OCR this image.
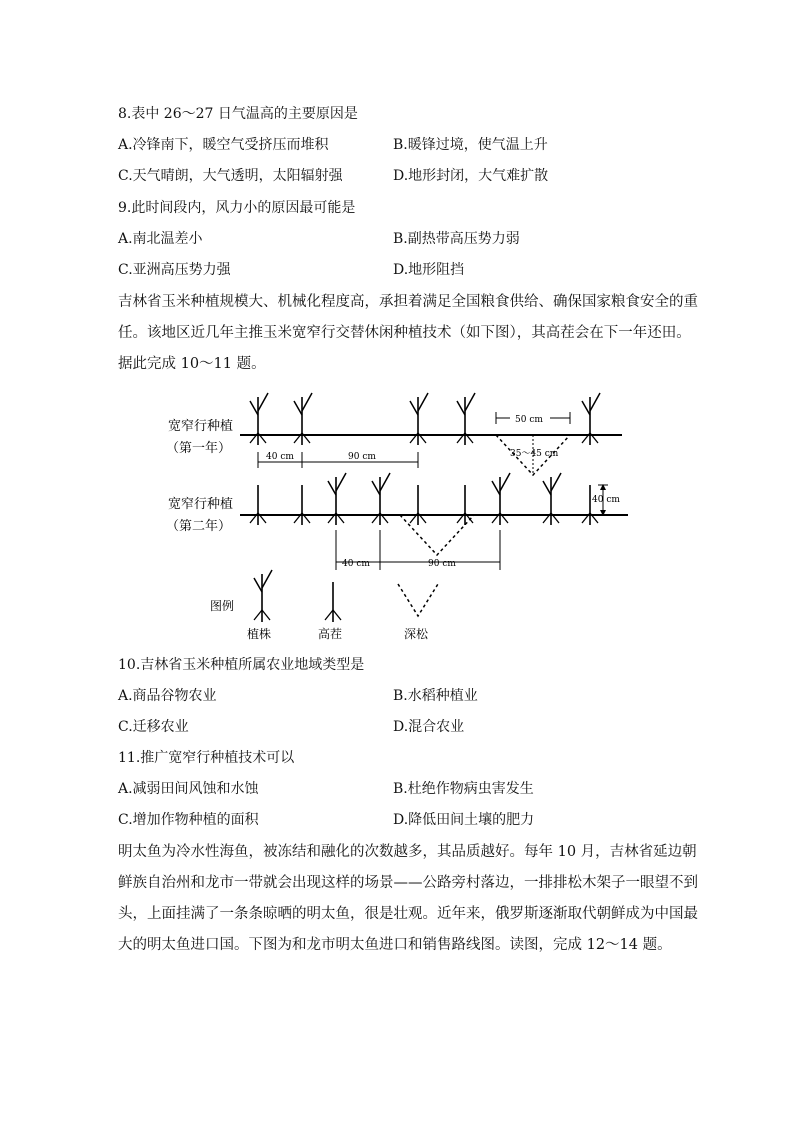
8.表中 26～27 日气温高的主要原因是
A.冷锋南下，暖空气受挤压而堆积	B.暖锋过境，使气温上升
C.天气晴朗，大气透明，太阳辐射强	D.地形封闭，大气难扩散
9.此时间段内，风力小的原因最可能是
A.南北温差小	B.副热带高压势力弱
C.亚洲高压势力强	D.地形阻挡
吉林省玉米种植规模大、机械化程度高，承担着满足全国粮食供给、确保国家粮食安全的重
任。该地区近几年主推玉米宽窄行交替休闲种植技术（如下图），其高茬会在下一年还田。
据此完成 10～11 题。
宽窄行种植
（第一年）
40 cm	90 cm
50 cm
35～45 cm
宽窄行种植
（第二年）
40 cm
40 cm	90 cm
图例
植株	高茬	深松
10.吉林省玉米种植所属农业地域类型是
A.商品谷物农业	B.水稻种植业
C.迁移农业	D.混合农业
11.推广宽窄行种植技术可以
A.减弱田间风蚀和水蚀	B.杜绝作物病虫害发生
C.增加作物种植的面积	D.降低田间土壤的肥力
明太鱼为冷水性海鱼，被冻结和融化的次数越多，其品质越好。每年 10 月，吉林省延边朝
鲜族自治州和龙市一带就会出现这样的场景——公路旁村落边，一排排松木架子一眼望不到
头，上面挂满了一条条晾晒的明太鱼，很是壮观。近年来，俄罗斯逐渐取代朝鲜成为中国最
大的明太鱼进口国。下图为和龙市明太鱼进口和销售路线图。读图，完成 12～14 题。
